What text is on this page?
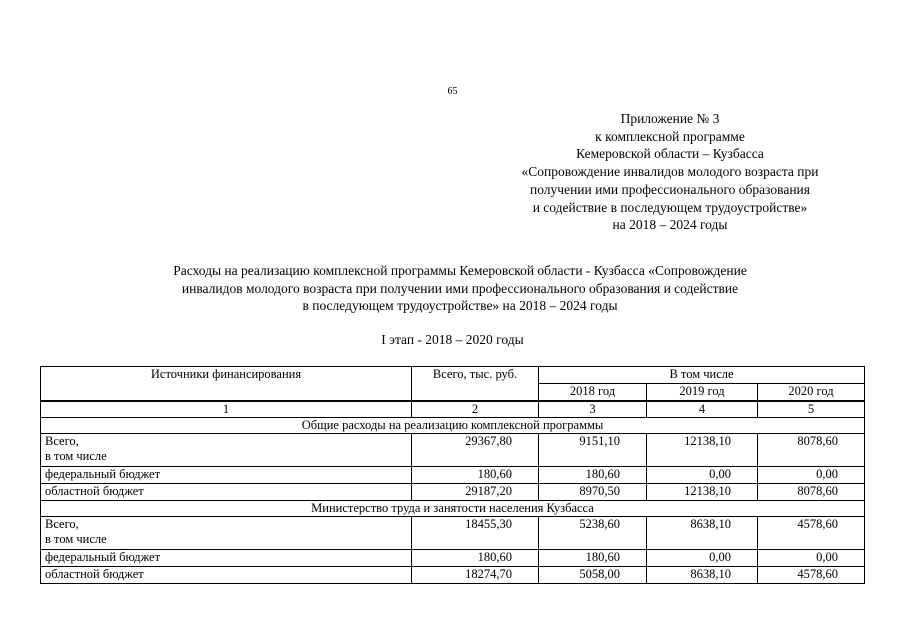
65
Приложение № 3
к комплексной программе
Кемеровской области – Кузбасса
«Сопровождение инвалидов молодого возраста при
получении ими профессионального образования
и содействие в последующем трудоустройстве»
на 2018 – 2024 годы
Расходы на реализацию комплексной программы Кемеровской области - Кузбасса «Сопровождение
инвалидов молодого возраста при получении ими профессионального образования и содействие
в последующем трудоустройстве» на 2018 – 2024 годы
I этап - 2018 – 2020 годы
Источники финансирования	Всего, тыс. руб.	В том числе		
		2018 год	2019 год	2020 год
1	2	3	4	5
Общие расходы на реализацию комплексной программы				

Всего,
в том числе	29367,80	9151,10	12138,10	8078,60
федеральный бюджет	180,60	180,60	0,00	0,00
областной бюджет	29187,20	8970,50	12138,10	8078,60
Министерство труда и занятости населения Кузбасса				

Всего,
в том числе	18455,30	5238,60	8638,10	4578,60
федеральный бюджет	180,60	180,60	0,00	0,00
областной бюджет	18274,70	5058,00	8638,10	4578,60
